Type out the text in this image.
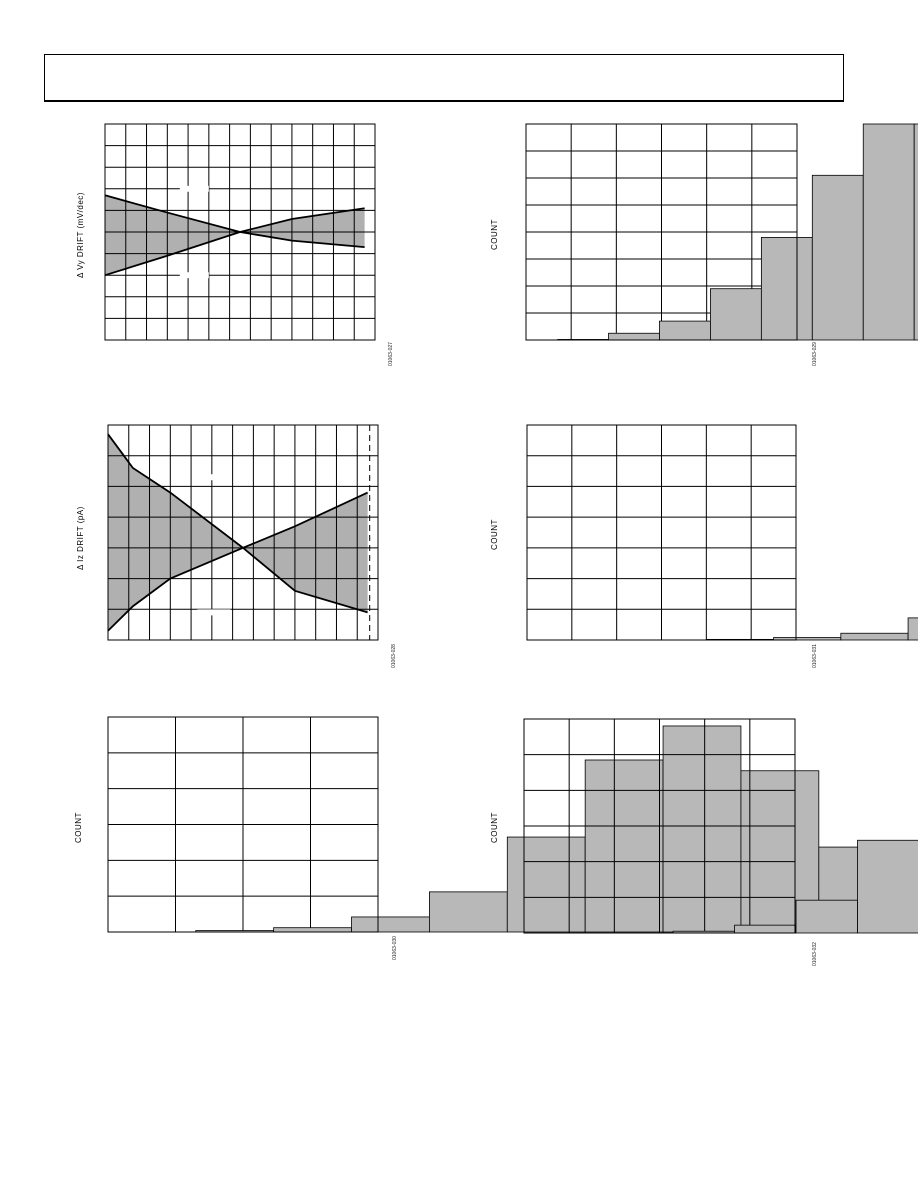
Δ Vy DRIFT (mV/dec)
01063-027
COUNT
01063-029
Δ Iz DRIFT (pA)
01063-028
COUNT
01063-031
COUNT
01063-030
COUNT
01063-032
